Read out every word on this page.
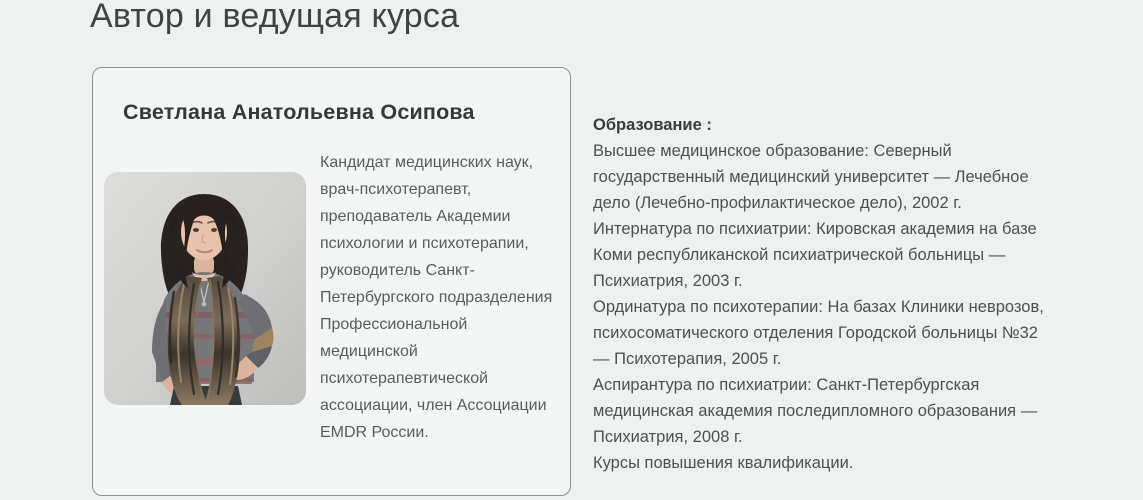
Автор и ведущая курса
Светлана Анатольевна Осипова

Кандидат медицинских наук, врач-психотерапевт, преподаватель Академии психологии и психотерапии, руководитель Санкт-Петербургского подразделения Профессиональной медицинской психотерапевтической ассоциации, член Ассоциации EMDR России.

Образование :

Высшее медицинское образование: Северный государственный медицинский университет — Лечебное дело (Лечебно-профилактическое дело), 2002 г.

Интернатура по психиатрии: Кировская академия на базе Коми республиканской психиатрической больницы — Психиатрия, 2003 г.

Ординатура по психотерапии: На базах Клиники неврозов, психосоматического отделения Городской больницы №32 — Психотерапия, 2005 г.

Аспирантура по психиатрии: Санкт-Петербургская медицинская академия последипломного образования — Психиатрия, 2008 г.

Курсы повышения квалификации.
